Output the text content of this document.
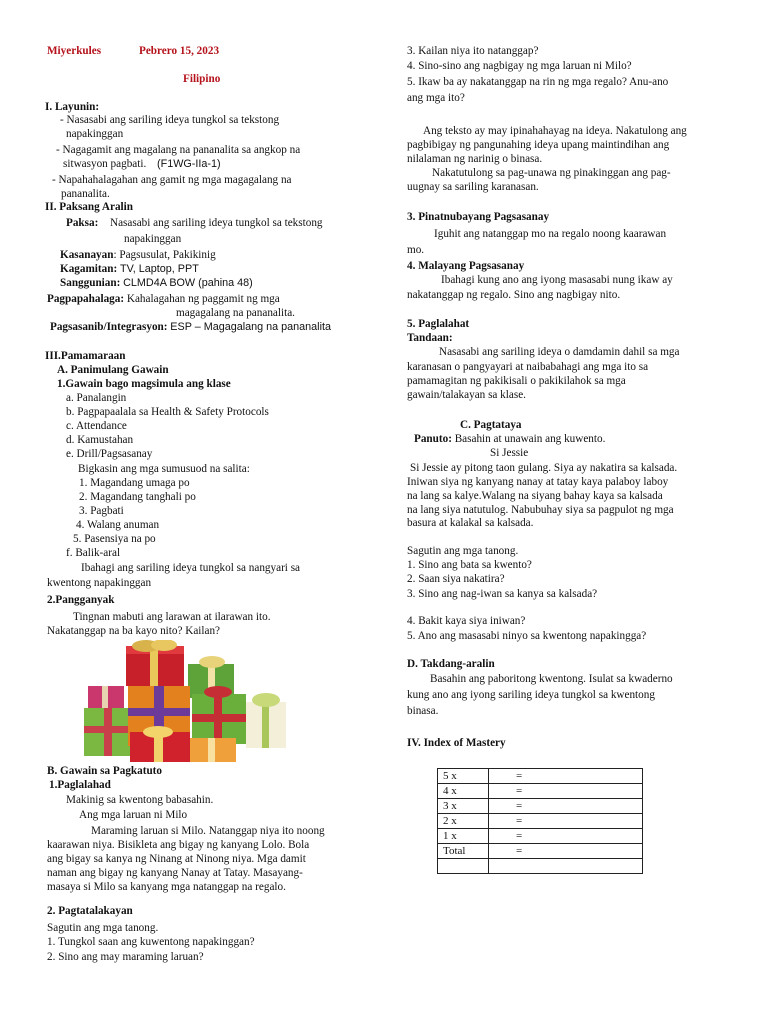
Miyerkules	Pebrero 15, 2023
Filipino
I. Layunin:
- Nasasabi ang sariling ideya tungkol sa tekstong
napakinggan
- Nagagamit ang magalang na pananalita sa angkop na
sitwasyon pagbati. (F1WG-IIa-1)
- Napahahalagahan ang gamit ng mga magagalang na
pananalita.
II. Paksang Aralin
Paksa: Nasasabi ang sariling ideya tungkol sa tekstong
napakinggan
Kasanayan: Pagsusulat, Pakikinig
Kagamitan: TV, Laptop, PPT
Sanggunian: CLMD4A BOW (pahina 48)
Pagpapahalaga: Kahalagahan ng paggamit ng mga
magagalang na pananalita.
Pagsasanib/Integrasyon: ESP – Magagalang na pananalita
III.Pamamaraan
A. Panimulang Gawain
1.Gawain bago magsimula ang klase
a. Panalangin
b. Pagpapaalala sa Health & Safety Protocols
c. Attendance
d. Kamustahan
e. Drill/Pagsasanay
Bigkasin ang mga sumusuod na salita:
1. Magandang umaga po
2. Magandang tanghali po
3. Pagbati
4. Walang anuman
5. Pasensiya na po
f. Balik-aral
Ibahagi ang sariling ideya tungkol sa nangyari sa
kwentong napakinggan
2.Pangganyak
Tingnan mabuti ang larawan at ilarawan ito.
Nakatanggap na ba kayo nito? Kailan?
B. Gawain sa Pagkatuto
1.Paglalahad
Makinig sa kwentong babasahin.
Ang mga laruan ni Milo
Maraming laruan si Milo. Natanggap niya ito noong
kaarawan niya. Bisikleta ang bigay ng kanyang Lolo. Bola
ang bigay sa kanya ng Ninang at Ninong niya. Mga damit
naman ang bigay ng kanyang Nanay at Tatay. Masayang-
masaya si Milo sa kanyang mga natanggap na regalo.
2. Pagtatalakayan
Sagutin ang mga tanong.
1. Tungkol saan ang kuwentong napakinggan?
2. Sino ang may maraming laruan?
3. Kailan niya ito natanggap?
4. Sino-sino ang nagbigay ng mga laruan ni Milo?
5. Ikaw ba ay nakatanggap na rin ng mga regalo? Anu-ano
ang mga ito?
Ang teksto ay may ipinahahayag na ideya. Nakatulong ang
pagbibigay ng pangunahing ideya upang maintindihan ang
nilalaman ng narinig o binasa.
Nakatutulong sa pag-unawa ng pinakinggan ang pag-
uugnay sa sariling karanasan.
3. Pinatnubayang Pagsasanay
Iguhit ang natanggap mo na regalo noong kaarawan
mo.
4. Malayang Pagsasanay
Ibahagi kung ano ang iyong masasabi nung ikaw ay
nakatanggap ng regalo. Sino ang nagbigay nito.
5. Paglalahat
Tandaan:
Nasasabi ang sariling ideya o damdamin dahil sa mga
karanasan o pangyayari at naibabahagi ang mga ito sa
pamamagitan ng pakikisali o pakikilahok sa mga
gawain/talakayan sa klase.
C. Pagtataya
Panuto: Basahin at unawain ang kuwento.
Si Jessie
Si Jessie ay pitong taon gulang. Siya ay nakatira sa kalsada.
Iniwan siya ng kanyang nanay at tatay kaya palaboy laboy
na lang sa kalye.Walang na siyang bahay kaya sa kalsada
na lang siya natutulog. Nabubuhay siya sa pagpulot ng mga
basura at kalakal sa kalsada.
Sagutin ang mga tanong.
1. Sino ang bata sa kwento?
2. Saan siya nakatira?
3. Sino ang nag-iwan sa kanya sa kalsada?
4. Bakit kaya siya iniwan?
5. Ano ang masasabi ninyo sa kwentong napakingga?
D. Takdang-aralin
Basahin ang paboritong kwentong. Isulat sa kwaderno
kung ano ang iyong sariling ideya tungkol sa kwentong
binasa.
IV. Index of Mastery
5 x	=
4 x	=
3 x	=
2 x	=
1 x	=
Total	=
